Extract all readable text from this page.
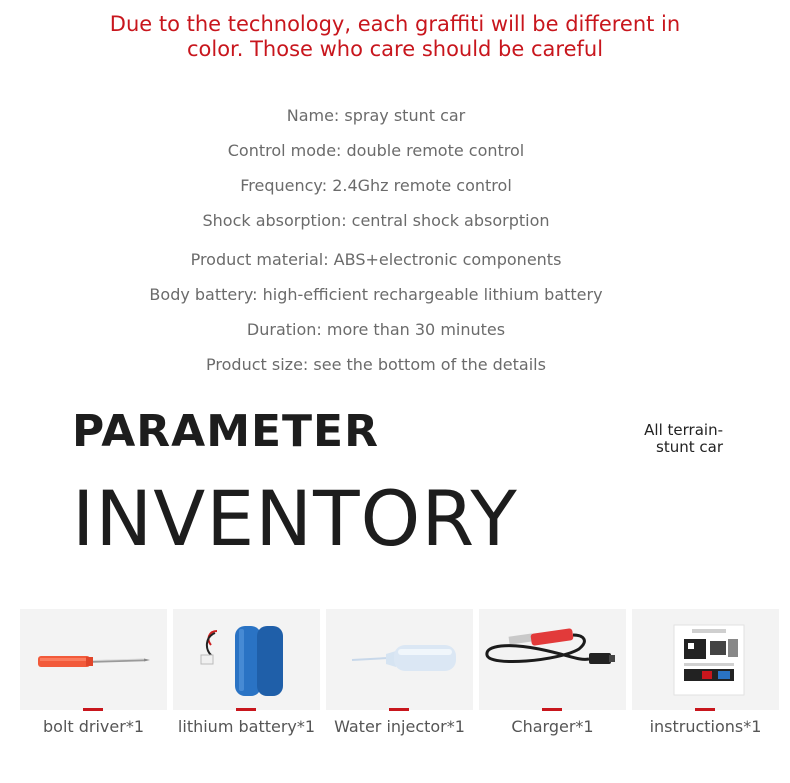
Due to the technology, each graffiti will be different in
color. Those who care should be careful
Name: spray stunt car
Control mode: double remote control
Frequency: 2.4Ghz remote control
Shock absorption: central shock absorption
Product material: ABS+electronic components
Body battery: high-efficient rechargeable lithium battery
Duration: more than 30 minutes
Product size: see the bottom of the details
PARAMETER
INVENTORY
All terrain-
stunt car
bolt driver*1	lithium battery*1	Water injector*1	Charger*1	instructions*1
